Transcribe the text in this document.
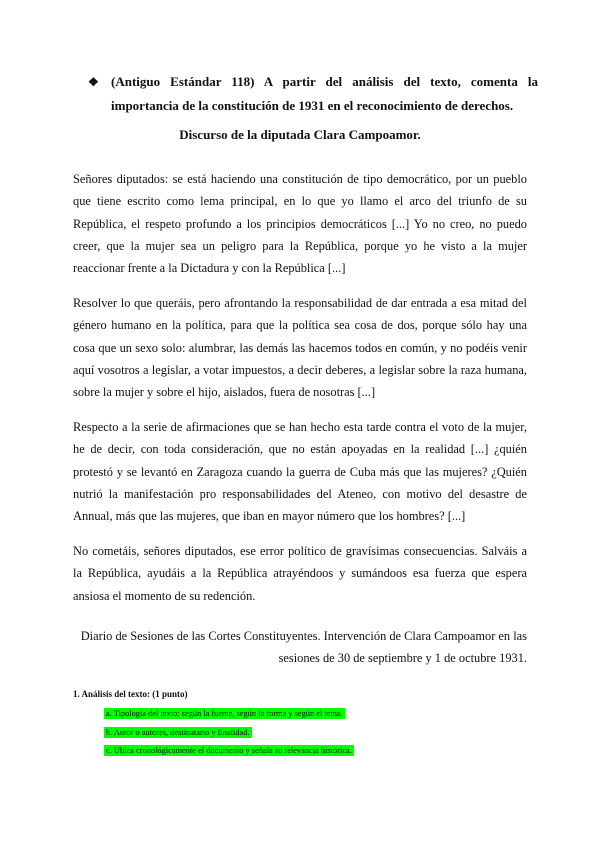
❖ (Antiguo Estándar 118) A partir del análisis del texto, comenta la importancia de la constitución de 1931 en el reconocimiento de derechos.
Discurso de la diputada Clara Campoamor.

Señores diputados: se está haciendo una constitución de tipo democrático, por un pueblo que tiene escrito como lema principal, en lo que yo llamo el arco del triunfo de su República, el respeto profundo a los principios democráticos [...] Yo no creo, no puedo creer, que la mujer sea un peligro para la República, porque yo he visto a la mujer reaccionar frente a la Dictadura y con la República [...]

Resolver lo que queráis, pero afrontando la responsabilidad de dar entrada a esa mitad del género humano en la política, para que la política sea cosa de dos, porque sólo hay una cosa que un sexo solo: alumbrar, las demás las hacemos todos en común, y no podéis venir aquí vosotros a legislar, a votar impuestos, a decir deberes, a legislar sobre la raza humana, sobre la mujer y sobre el hijo, aislados, fuera de nosotras [...]

Respecto a la serie de afirmaciones que se han hecho esta tarde contra el voto de la mujer, he de decir, con toda consideración, que no están apoyadas en la realidad [...] ¿quién protestó y se levantó en Zaragoza cuando la guerra de Cuba más que las mujeres? ¿Quién nutrió la manifestación pro responsabilidades del Ateneo, con motivo del desastre de Annual, más que las mujeres, que iban en mayor número que los hombres? [...]

No cometáis, señores diputados, ese error político de gravísimas consecuencias. Salváis a la República, ayudáis a la República atrayéndoos y sumándoos esa fuerza que espera ansiosa el momento de su redención.

Diario de Sesiones de las Cortes Constituyentes. Intervención de Clara Campoamor en las sesiones de 30 de septiembre y 1 de octubre 1931.

1. Análisis del texto: (1 punto)
a. Tipología del texto: según la fuente, según la forma y según el tema.
b. Autor o autores, destinatario y finalidad.
c. Ubica cronológicamente el documento y señala su relevancia histórica.
